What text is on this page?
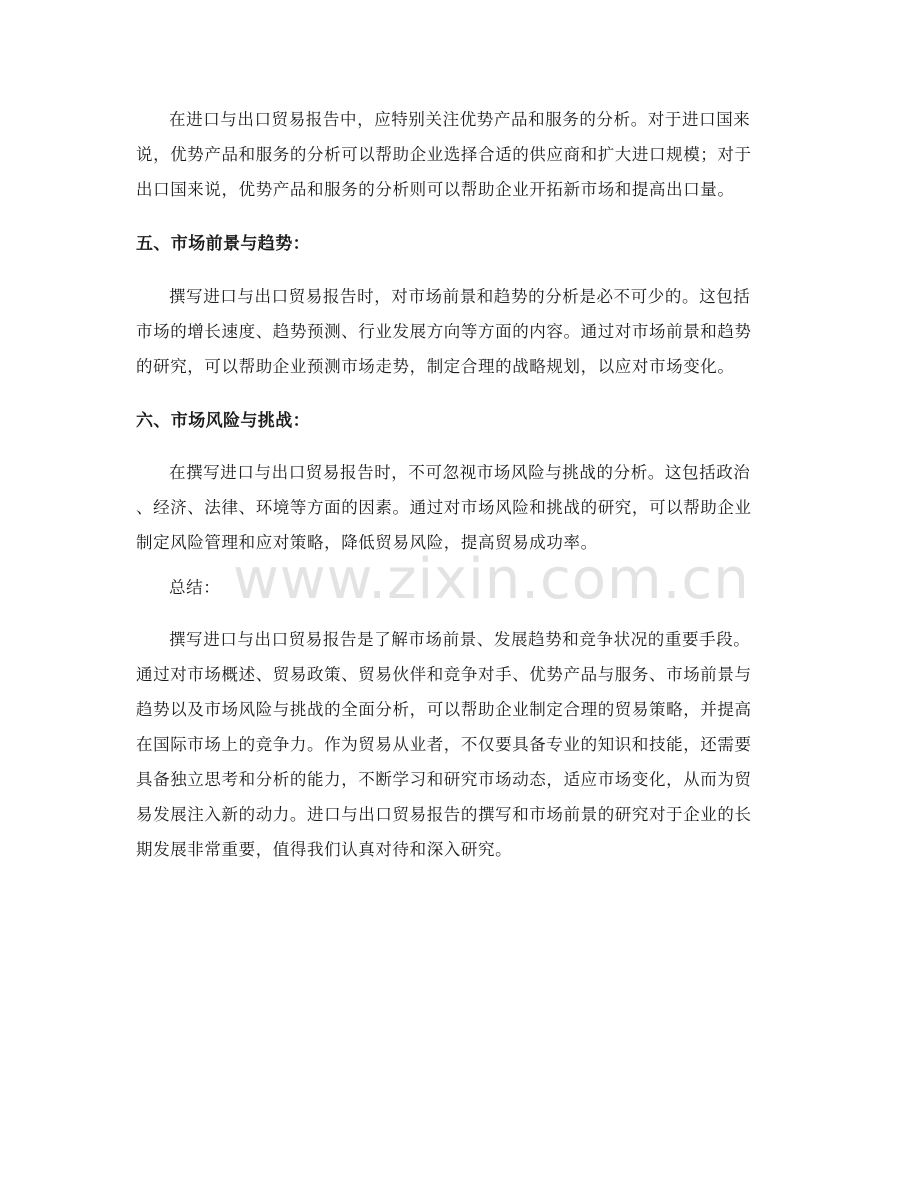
www.zixin.com.cn
在进口与出口贸易报告中，应特别关注优势产品和服务的分析。对于进口国来
说，优势产品和服务的分析可以帮助企业选择合适的供应商和扩大进口规模；对于
出口国来说，优势产品和服务的分析则可以帮助企业开拓新市场和提高出口量。
五、市场前景与趋势：
撰写进口与出口贸易报告时，对市场前景和趋势的分析是必不可少的。这包括
市场的增长速度、趋势预测、行业发展方向等方面的内容。通过对市场前景和趋势
的研究，可以帮助企业预测市场走势，制定合理的战略规划，以应对市场变化。
六、市场风险与挑战：
在撰写进口与出口贸易报告时，不可忽视市场风险与挑战的分析。这包括政治
、经济、法律、环境等方面的因素。通过对市场风险和挑战的研究，可以帮助企业
制定风险管理和应对策略，降低贸易风险，提高贸易成功率。
总结：
撰写进口与出口贸易报告是了解市场前景、发展趋势和竞争状况的重要手段。
通过对市场概述、贸易政策、贸易伙伴和竞争对手、优势产品与服务、市场前景与
趋势以及市场风险与挑战的全面分析，可以帮助企业制定合理的贸易策略，并提高
在国际市场上的竞争力。作为贸易从业者，不仅要具备专业的知识和技能，还需要
具备独立思考和分析的能力，不断学习和研究市场动态，适应市场变化，从而为贸
易发展注入新的动力。进口与出口贸易报告的撰写和市场前景的研究对于企业的长
期发展非常重要，值得我们认真对待和深入研究。
